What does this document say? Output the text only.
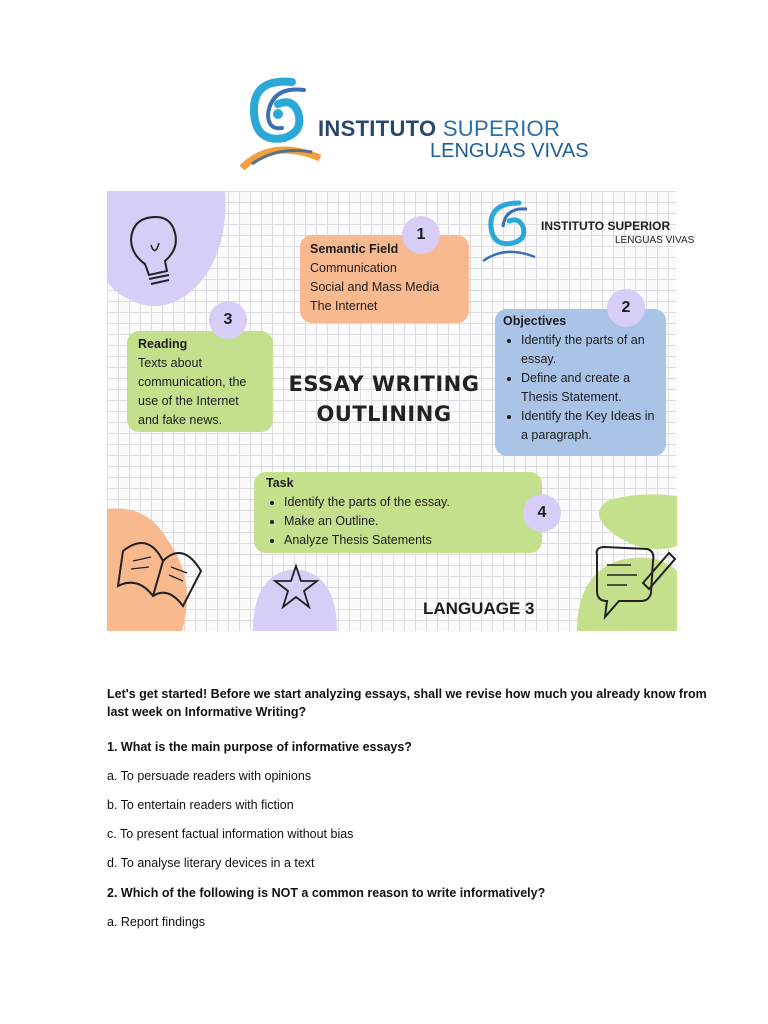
INSTITUTO SUPERIOR
LENGUAS VIVAS
INSTITUTO SUPERIOR
LENGUAS VIVAS
Semantic Field
Communication
Social and Mass Media
The Internet
1
Objectives
• Identify the parts of an essay.
• Define and create a Thesis Statement.
• Identify the Key Ideas in a paragraph.
2
Reading
Texts about communication, the use of the Internet and fake news.
3
ESSAY WRITING
OUTLINING
Task
• Identify the parts of the essay.
• Make an Outline.
• Analyze Thesis Satements
4
LANGUAGE 3
Let's get started! Before we start analyzing essays, shall we revise how much you already know from last week on Informative Writing?
1. What is the main purpose of informative essays?
a. To persuade readers with opinions
b. To entertain readers with fiction
c. To present factual information without bias
d. To analyse literary devices in a text
2. Which of the following is NOT a common reason to write informatively?
a. Report findings
